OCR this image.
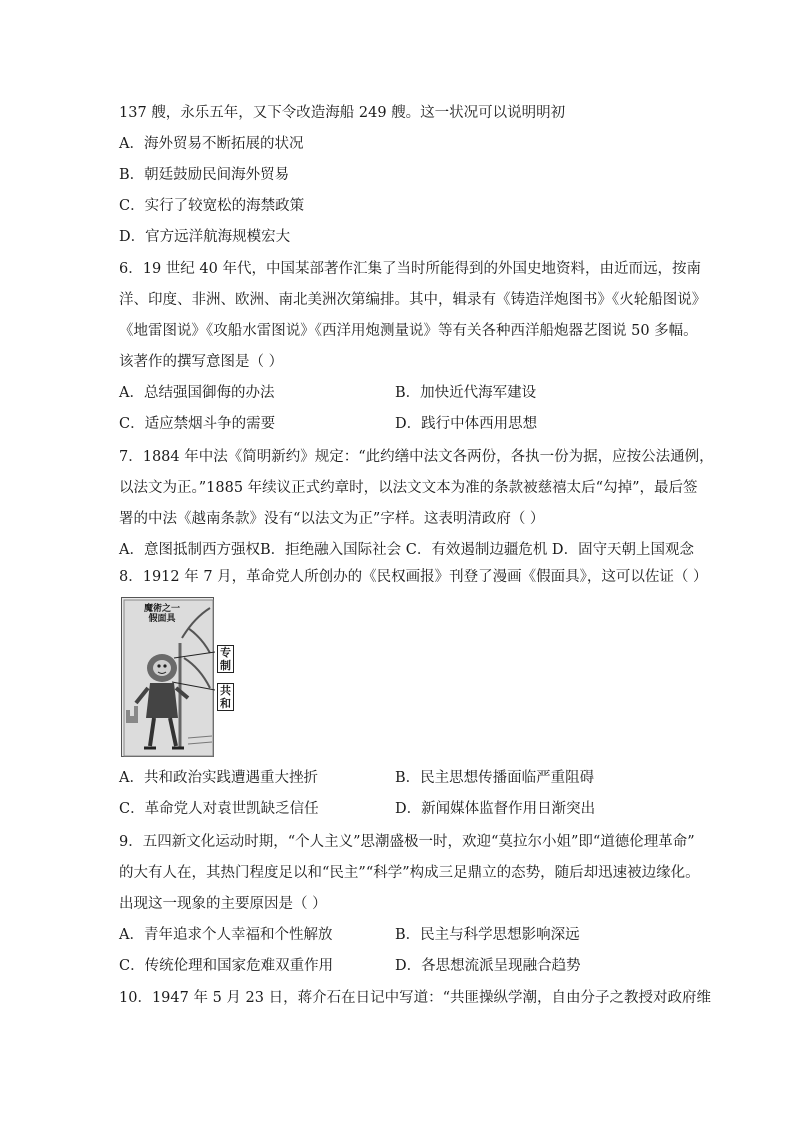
137 艘，永乐五年，又下令改造海船 249 艘。这一状况可以说明明初
A．海外贸易不断拓展的状况
B．朝廷鼓励民间海外贸易
C．实行了较宽松的海禁政策
D．官方远洋航海规模宏大
6．19 世纪 40 年代，中国某部著作汇集了当时所能得到的外国史地资料，由近而远，按南
洋、印度、非洲、欧洲、南北美洲次第编排。其中，辑录有《铸造洋炮图书》《火轮船图说》
《地雷图说》《攻船水雷图说》《西洋用炮测量说》等有关各种西洋船炮器艺图说 50 多幅。
该著作的撰写意图是（ ）
A．总结强国御侮的办法	B．加快近代海军建设
C．适应禁烟斗争的需要	D．践行中体西用思想
7．1884 年中法《简明新约》规定：“此约缮中法文各两份，各执一份为据，应按公法通例，
以法文为正。”1885 年续议正式约章时，以法文文本为准的条款被慈禧太后“勾掉”，最后签
署的中法《越南条款》没有“以法文为正”字样。这表明清政府（ ）
A．意图抵制西方强权B．拒绝融入国际社会 C．有效遏制边疆危机 D．固守天朝上国观念
8．1912 年 7 月，革命党人所创办的《民权画报》刊登了漫画《假面具》，这可以佐证（ ）
魔術之一 假面具
专制
共和
A．共和政治实践遭遇重大挫折	B．民主思想传播面临严重阻碍
C．革命党人对袁世凯缺乏信任	D．新闻媒体监督作用日渐突出
9．五四新文化运动时期，“个人主义”思潮盛极一时，欢迎“莫拉尔小姐”即“道德伦理革命”
的大有人在，其热门程度足以和“民主”“科学”构成三足鼎立的态势，随后却迅速被边缘化。
出现这一现象的主要原因是（ ）
A．青年追求个人幸福和个性解放	B．民主与科学思想影响深远
C．传统伦理和国家危难双重作用	D．各思想流派呈现融合趋势
10．1947 年 5 月 23 日，蒋介石在日记中写道：“共匪操纵学潮，自由分子之教授对政府维
